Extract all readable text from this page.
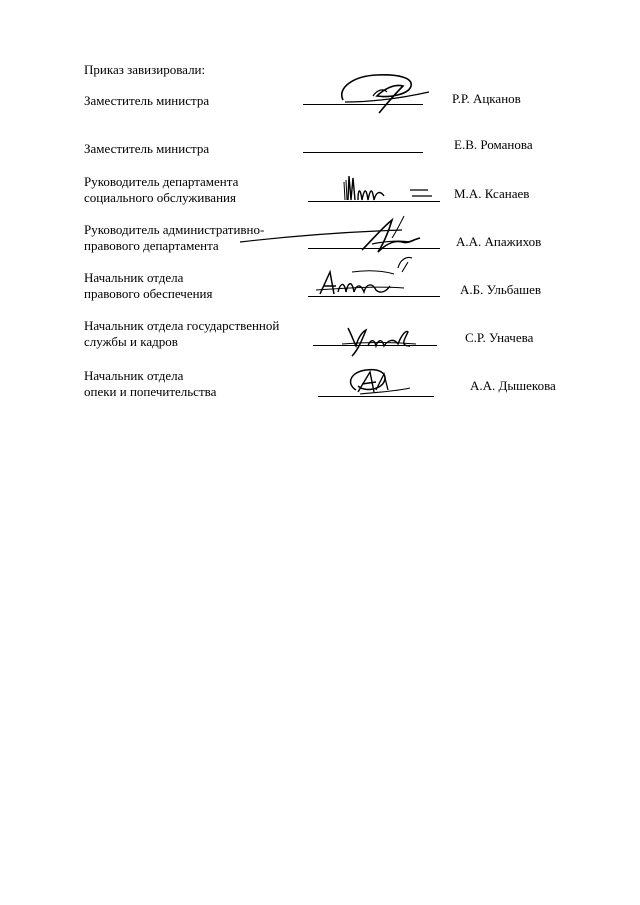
Приказ завизировали:
Заместитель министра	Р.Р. Ацканов
Заместитель министра	Е.В. Романова
Руководитель департамента
социального обслуживания	М.А. Ксанаев
Руководитель административно-
правового департамента	А.А. Апажихов
Начальник отдела
правового обеспечения	А.Б. Ульбашев
Начальник отдела государственной
службы и кадров	С.Р. Уначева
Начальник отдела
опеки и попечительства	А.А. Дышекова
